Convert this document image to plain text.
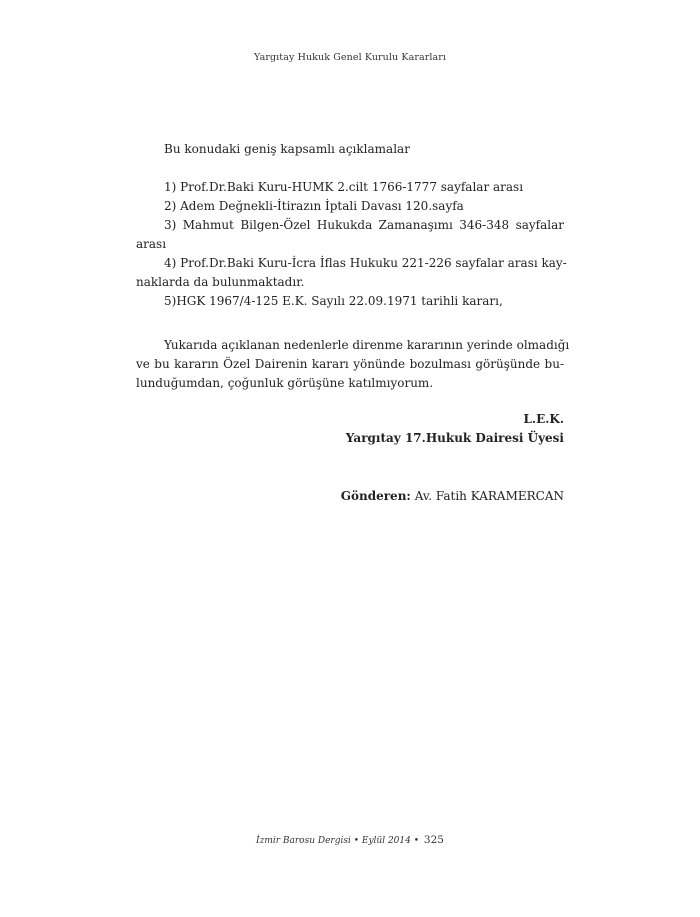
Yargıtay Hukuk Genel Kurulu Kararları
Bu konudaki geniş kapsamlı açıklamalar
1) Prof.Dr.Baki Kuru-HUMK 2.cilt 1766-1777 sayfalar arası
2) Adem Değnekli-İtirazın İptali Davası 120.sayfa
3) Mahmut Bilgen-Özel Hukukda Zamanaşımı 346-348 sayfalar
arası
4) Prof.Dr.Baki Kuru-İcra İflas Hukuku 221-226 sayfalar arası kay-
naklarda da bulunmaktadır.
5)HGK 1967/4-125 E.K. Sayılı 22.09.1971 tarihli kararı,
Yukarıda açıklanan nedenlerle direnme kararının yerinde olmadığı
ve bu kararın Özel Dairenin kararı yönünde bozulması görüşünde bu-
lunduğumdan, çoğunluk görüşüne katılmıyorum.
L.E.K.
Yargıtay 17.Hukuk Dairesi Üyesi
Gönderen: Av. Fatih KARAMERCAN
İzmir Barosu Dergisi • Eylül 2014 • 325
